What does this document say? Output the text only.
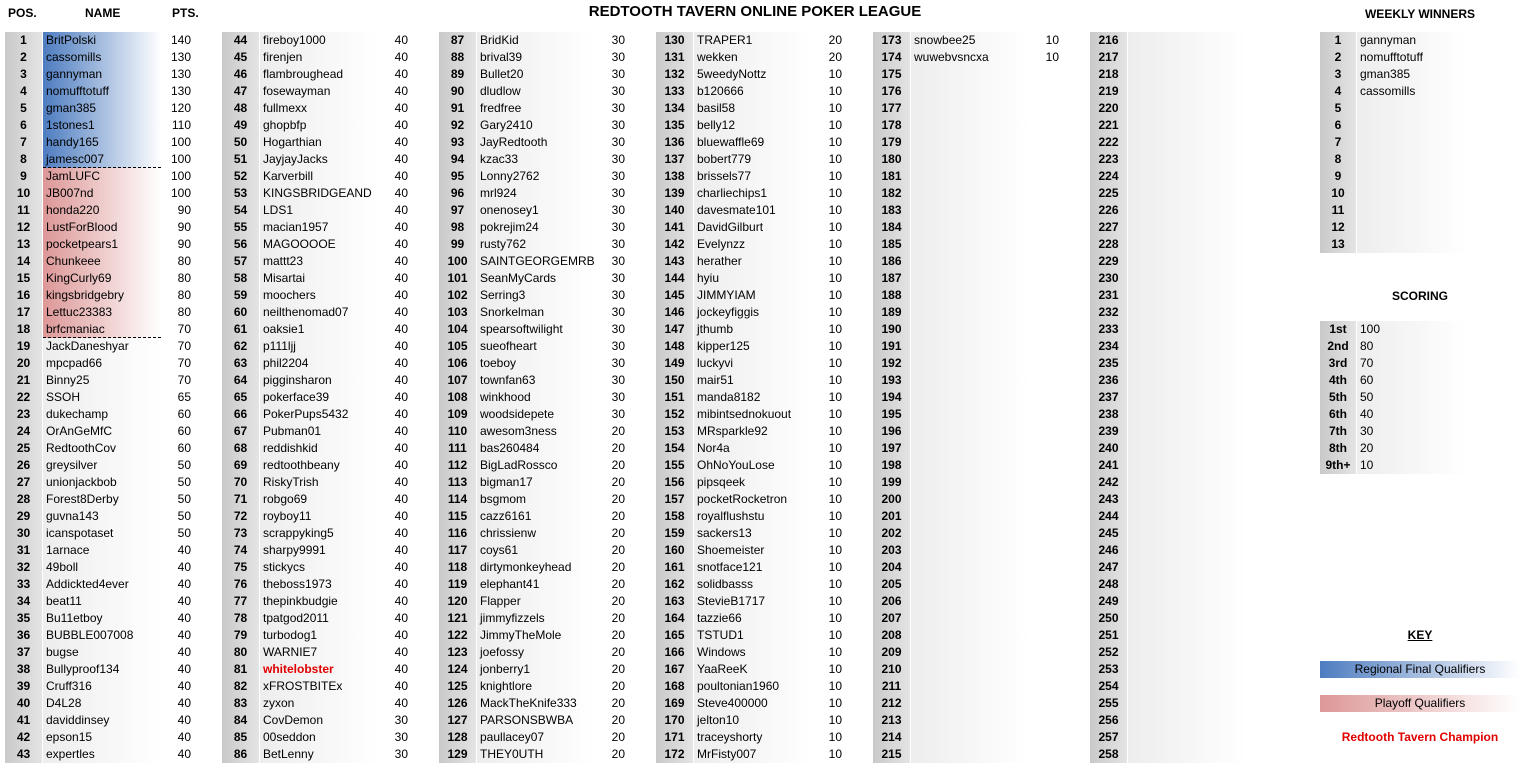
POS.	NAME	PTS.	REDTOOTH TAVERN ONLINE POKER LEAGUE
1	BritPolski	140
2	cassomills	130
3	gannyman	130
4	nomufftotuff	130
5	gman385	120
6	1stones1	110
7	handy165	100
8	jamesc007	100
9	JamLUFC	100
10	JB007nd	100
11	honda220	90
12	LustForBlood	90
13	pocketpears1	90
14	Chunkeee	80
15	KingCurly69	80
16	kingsbridgebry	80
17	Lettuc23383	80
18	brfcmaniac	70
19	JackDaneshyar	70
20	mpcpad66	70
21	Binny25	70
22	SSOH	65
23	dukechamp	60
24	OrAnGeMfC	60
25	RedtoothCov	60
26	greysilver	50
27	unionjackbob	50
28	Forest8Derby	50
29	guvna143	50
30	icanspotaset	50
31	1arnace	40
32	49boll	40
33	Addickted4ever	40
34	beat11	40
35	Bu11etboy	40
36	BUBBLE007008	40
37	bugse	40
38	Bullyproof134	40
39	Cruff316	40
40	D4L28	40
41	daviddinsey	40
42	epson15	40
43	expertles	40
44	fireboy1000	40
45	firenjen	40
46	flambroughead	40
47	fosewayman	40
48	fullmexx	40
49	ghopbfp	40
50	Hogarthian	40
51	JayjayJacks	40
52	Karverbill	40
53	KINGSBRIDGEAND	40
54	LDS1	40
55	macian1957	40
56	MAGOOOOE	40
57	mattt23	40
58	Misartai	40
59	moochers	40
60	neilthenomad07	40
61	oaksie1	40
62	p111ljj	40
63	phil2204	40
64	pigginsharon	40
65	pokerface39	40
66	PokerPups5432	40
67	Pubman01	40
68	reddishkid	40
69	redtoothbeany	40
70	RiskyTrish	40
71	robgo69	40
72	royboy11	40
73	scrappyking5	40
74	sharpy9991	40
75	stickycs	40
76	theboss1973	40
77	thepinkbudgie	40
78	tpatgod2011	40
79	turbodog1	40
80	WARNIE7	40
81	whitelobster	40
82	xFROSTBITEx	40
83	zyxon	40
84	CovDemon	30
85	00seddon	30
86	BetLenny	30
87	BridKid	30
88	brival39	30
89	Bullet20	30
90	dludlow	30
91	fredfree	30
92	Gary2410	30
93	JayRedtooth	30
94	kzac33	30
95	Lonny2762	30
96	mrl924	30
97	onenosey1	30
98	pokrejim24	30
99	rusty762	30
100	SAINTGEORGEMRB	30
101	SeanMyCards	30
102	Serring3	30
103	Snorkelman	30
104	spearsoftwilight	30
105	sueofheart	30
106	toeboy	30
107	townfan63	30
108	winkhood	30
109	woodsidepete	30
110	awesom3ness	20
111	bas260484	20
112	BigLadRossco	20
113	bigman17	20
114	bsgmom	20
115	cazz6161	20
116	chrissienw	20
117	coys61	20
118	dirtymonkeyhead	20
119	elephant41	20
120	Flapper	20
121	jimmyfizzels	20
122	JimmyTheMole	20
123	joefossy	20
124	jonberry1	20
125	knightlore	20
126	MackTheKnife333	20
127	PARSONSBWBA	20
128	paullacey07	20
129	THEY0UTH	20
130	TRAPER1	20
131	wekken	20
132	5weedyNottz	10
133	b120666	10
134	basil58	10
135	belly12	10
136	bluewaffle69	10
137	bobert779	10
138	brissels77	10
139	charliechips1	10
140	davesmate101	10
141	DavidGilburt	10
142	Evelynzz	10
143	herather	10
144	hyiu	10
145	JIMMYIAM	10
146	jockeyfiggis	10
147	jthumb	10
148	kipper125	10
149	luckyvi	10
150	mair51	10
151	manda8182	10
152	mibintsednokuout	10
153	MRsparkle92	10
154	Nor4a	10
155	OhNoYouLose	10
156	pipsqeek	10
157	pocketRocketron	10
158	royalflushstu	10
159	sackers13	10
160	Shoemeister	10
161	snotface121	10
162	solidbasss	10
163	StevieB1717	10
164	tazzie66	10
165	TSTUD1	10
166	Windows	10
167	YaaReeK	10
168	poultonian1960	10
169	Steve400000	10
170	jelton10	10
171	traceyshorty	10
172	MrFisty007	10
173	snowbee25	10
174	wuwebvsncxa	10
175
176
177
178
179
180
181
182
183
184
185
186
187
188
189
190
191
192
193
194
195
196
197
198
199
200
201
202
203
204
205
206
207
208
209
210
211
212
213
214
215
216
217
218
219
220
221
222
223
224
225
226
227
228
229
230
231
232
233
234
235
236
237
238
239
240
241
242
243
244
245
246
247
248
249
250
251
252
253
254
255
256
257
258
WEEKLY WINNERS
1	gannyman
2	nomufftotuff
3	gman385
4	cassomills
5
6
7
8
9
10
11
12
13
SCORING
1st	100
2nd 80
3rd	70
4th	60
5th	50
6th	40
7th	30
8th	20
9th+ 10
KEY
Regional Final Qualifiers
Playoff Qualifiers
Redtooth Tavern Champion
